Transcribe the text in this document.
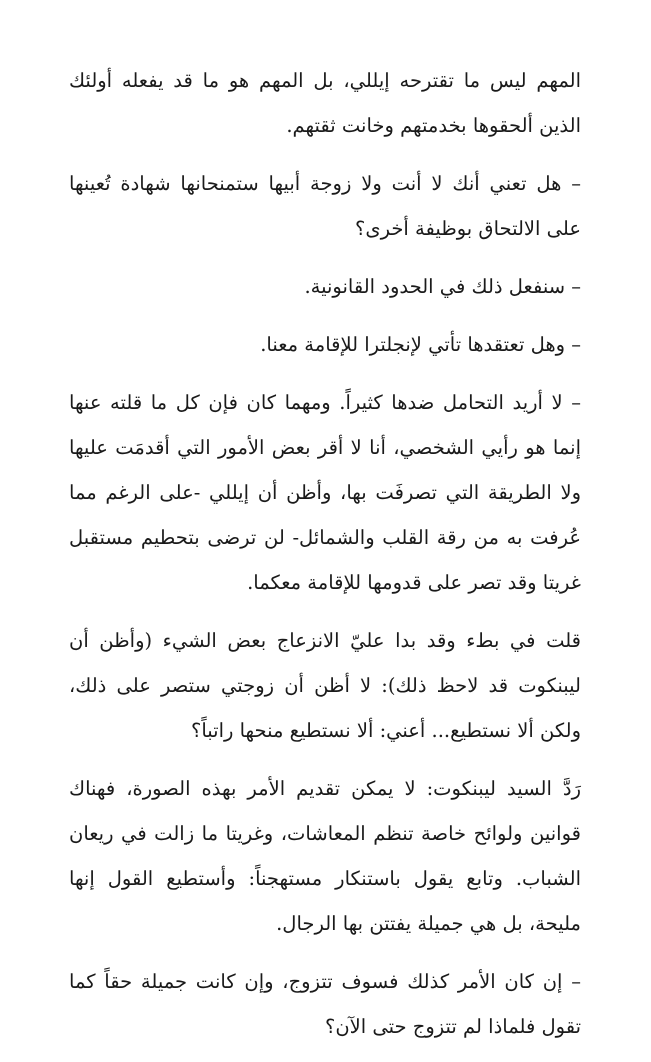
المهم ليس ما تقترحه إيللي، بل المهم هو ما قد يفعله أولئك الذين ألحقوها بخدمتهم وخانت ثقتهم.

– هل تعني أنك لا أنت ولا زوجة أبيها ستمنحانها شهادة تُعينها على الالتحاق بوظيفة أخرى؟

– سنفعل ذلك في الحدود القانونية.

– وهل تعتقدها تأتي لإنجلترا للإقامة معنا.

– لا أريد التحامل ضدها كثيراً. ومهما كان فإن كل ما قلته عنها إنما هو رأيي الشخصي، أنا لا أقر بعض الأمور التي أقدمَت عليها ولا الطريقة التي تصرفَت بها، وأظن أن إيللي -على الرغم مما عُرفت به من رقة القلب والشمائل- لن ترضى بتحطيم مستقبل غريتا وقد تصر على قدومها للإقامة معكما.

قلت في بطء وقد بدا عليّ الانزعاج بعض الشيء (وأظن أن ليبنكوت قد لاحظ ذلك): لا أظن أن زوجتي ستصر على ذلك، ولكن ألا نستطيع... أعني: ألا نستطيع منحها راتباً؟

رَدَّ السيد ليبنكوت: لا يمكن تقديم الأمر بهذه الصورة، فهناك قوانين ولوائح خاصة تنظم المعاشات، وغريتا ما زالت في ريعان الشباب. وتابع يقول باستنكار مستهجناً: وأستطيع القول إنها مليحة، بل هي جميلة يفتتن بها الرجال.

– إن كان الأمر كذلك فسوف تتزوج، وإن كانت جميلة حقاً كما تقول فلماذا لم تتزوج حتى الآن؟
